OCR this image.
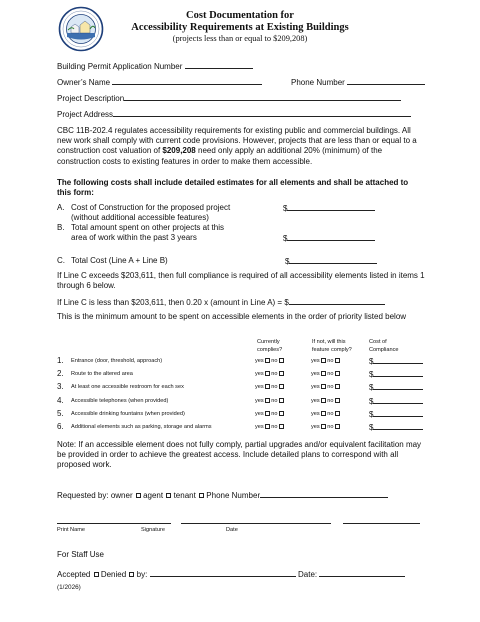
Cost Documentation for
Accessibility Requirements at Existing Buildings
(projects less than or equal to $209,208)
Building Permit Application Number
Owner’s Name	Phone Number
Project Description
Project Address
CBC 11B-202.4 regulates accessibility requirements for existing public and commercial buildings. All new work shall comply with current code provisions. However, projects that are less than or equal to a construction cost valuation of $209,208 need only apply an additional 20% (minimum) of the construction costs to existing features in order to make them accessible.
The following costs shall include detailed estimates for all elements and shall be attached to this form:
A. Cost of Construction for the proposed project
(without additional accessible features)
$
B. Total amount spent on other projects at this
area of work within the past 3 years	$
C. Total Cost (Line A + Line B)	$
If Line C exceeds $203,611, then full compliance is required of all accessibility elements listed in items 1 through 6 below.
If Line C is less than $203,611, then 0.20 x (amount in Line A) = $
This is the minimum amount to be spent on accessible elements in the order of priority listed below
Currently
complies?
If not, will this
feature comply?
Cost of
Compliance
1. Entrance (door, threshold, approach)	yes no	yes no	$
2. Route to the altered area	yes no	yes no	$
3. At least one accessible restroom for each sex	yes no	yes no	$
4. Accessible telephones (when provided)	yes no	yes no	$
5. Accessible drinking fountains (when provided)	yes no	yes no	$
6. Additional elements such as parking, storage and alarms	yes no	yes no	$
Note: If an accessible element does not fully comply, partial upgrades and/or equivalent facilitation may be provided in order to achieve the greatest access. Include detailed plans to correspond with all proposed work.
Requested by: owner agent tenant Phone Number
Print Name	Signature	Date
For Staff Use
Accepted Denied by:	Date:
(1/2026)
